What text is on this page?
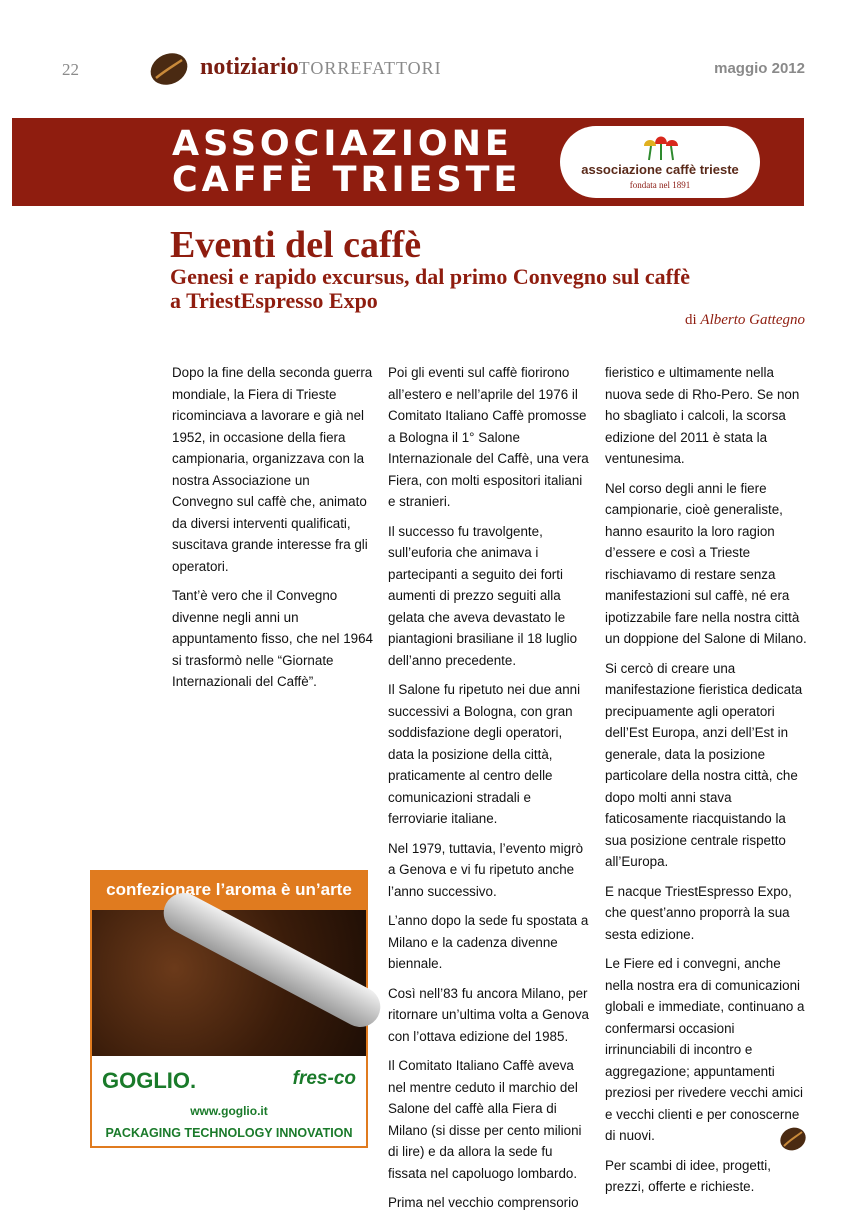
22	notiziarioTORREFATTORI	maggio 2012
ASSOCIAZIONE
CAFFÈ TRIESTE	associazione caffè trieste
fondata nel 1891
Eventi del caffè
Genesi e rapido excursus, dal primo Convegno sul caffè
a TriestEspresso Expo
di Alberto Gattegno

Dopo la fine della seconda guerra mondiale, la Fiera di Trieste ricominciava a lavorare e già nel 1952, in occasione della fiera campionaria, organizzava con la nostra Associazione un Convegno sul caffè che, animato da diversi interventi qualificati, suscitava grande interesse fra gli operatori.

Tant’è vero che il Convegno divenne negli anni un appuntamento fisso, che nel 1964 si trasformò nelle “Giornate Internazionali del Caffè”.

Poi gli eventi sul caffè fiorirono all’estero e nell’aprile del 1976 il Comitato Italiano Caffè promosse a Bologna il 1° Salone Internazionale del Caffè, una vera Fiera, con molti espositori italiani e stranieri.

Il successo fu travolgente, sull’euforia che animava i partecipanti a seguito dei forti aumenti di prezzo seguiti alla gelata che aveva devastato le piantagioni brasiliane il 18 luglio dell’anno precedente.

Il Salone fu ripetuto nei due anni successivi a Bologna, con gran soddisfazione degli operatori, data la posizione della città, praticamente al centro delle comunicazioni stradali e ferroviarie italiane.

Nel 1979, tuttavia, l’evento migrò a Genova e vi fu ripetuto anche l’anno successivo.

L’anno dopo la sede fu spostata a Milano e la cadenza divenne biennale.

Così nell’83 fu ancora Milano, per ritornare un’ultima volta a Genova con l’ottava edizione del 1985.

Il Comitato Italiano Caffè aveva nel mentre ceduto il marchio del Salone del caffè alla Fiera di Milano (si disse per cento milioni di lire) e da allora la sede fu fissata nel capoluogo lombardo.

Prima nel vecchio comprensorio

fieristico e ultimamente nella nuova sede di Rho-Pero. Se non ho sbagliato i calcoli, la scorsa edizione del 2011 è stata la ventunesima.

Nel corso degli anni le fiere campionarie, cioè generaliste, hanno esaurito la loro ragion d’essere e così a Trieste rischiavamo di restare senza manifestazioni sul caffè, né era ipotizzabile fare nella nostra città un doppione del Salone di Milano.

Si cercò di creare una manifestazione fieristica dedicata precipuamente agli operatori dell’Est Europa, anzi dell’Est in generale, data la posizione particolare della nostra città, che dopo molti anni stava faticosamente riacquistando la sua posizione centrale rispetto all’Europa.

E nacque TriestEspresso Expo, che quest’anno proporrà la sua sesta edizione.

Le Fiere ed i convegni, anche nella nostra era di comunicazioni globali e immediate, continuano a confermarsi occasioni irrinunciabili di incontro e aggregazione; appuntamenti preziosi per rivedere vecchi amici e vecchi clienti e per conoscerne di nuovi.

Per scambi di idee, progetti, prezzi, offerte e richieste.

confezionare l’aroma è un’arte
GOGLIO.	fres-co
www.goglio.it
PACKAGING TECHNOLOGY INNOVATION
